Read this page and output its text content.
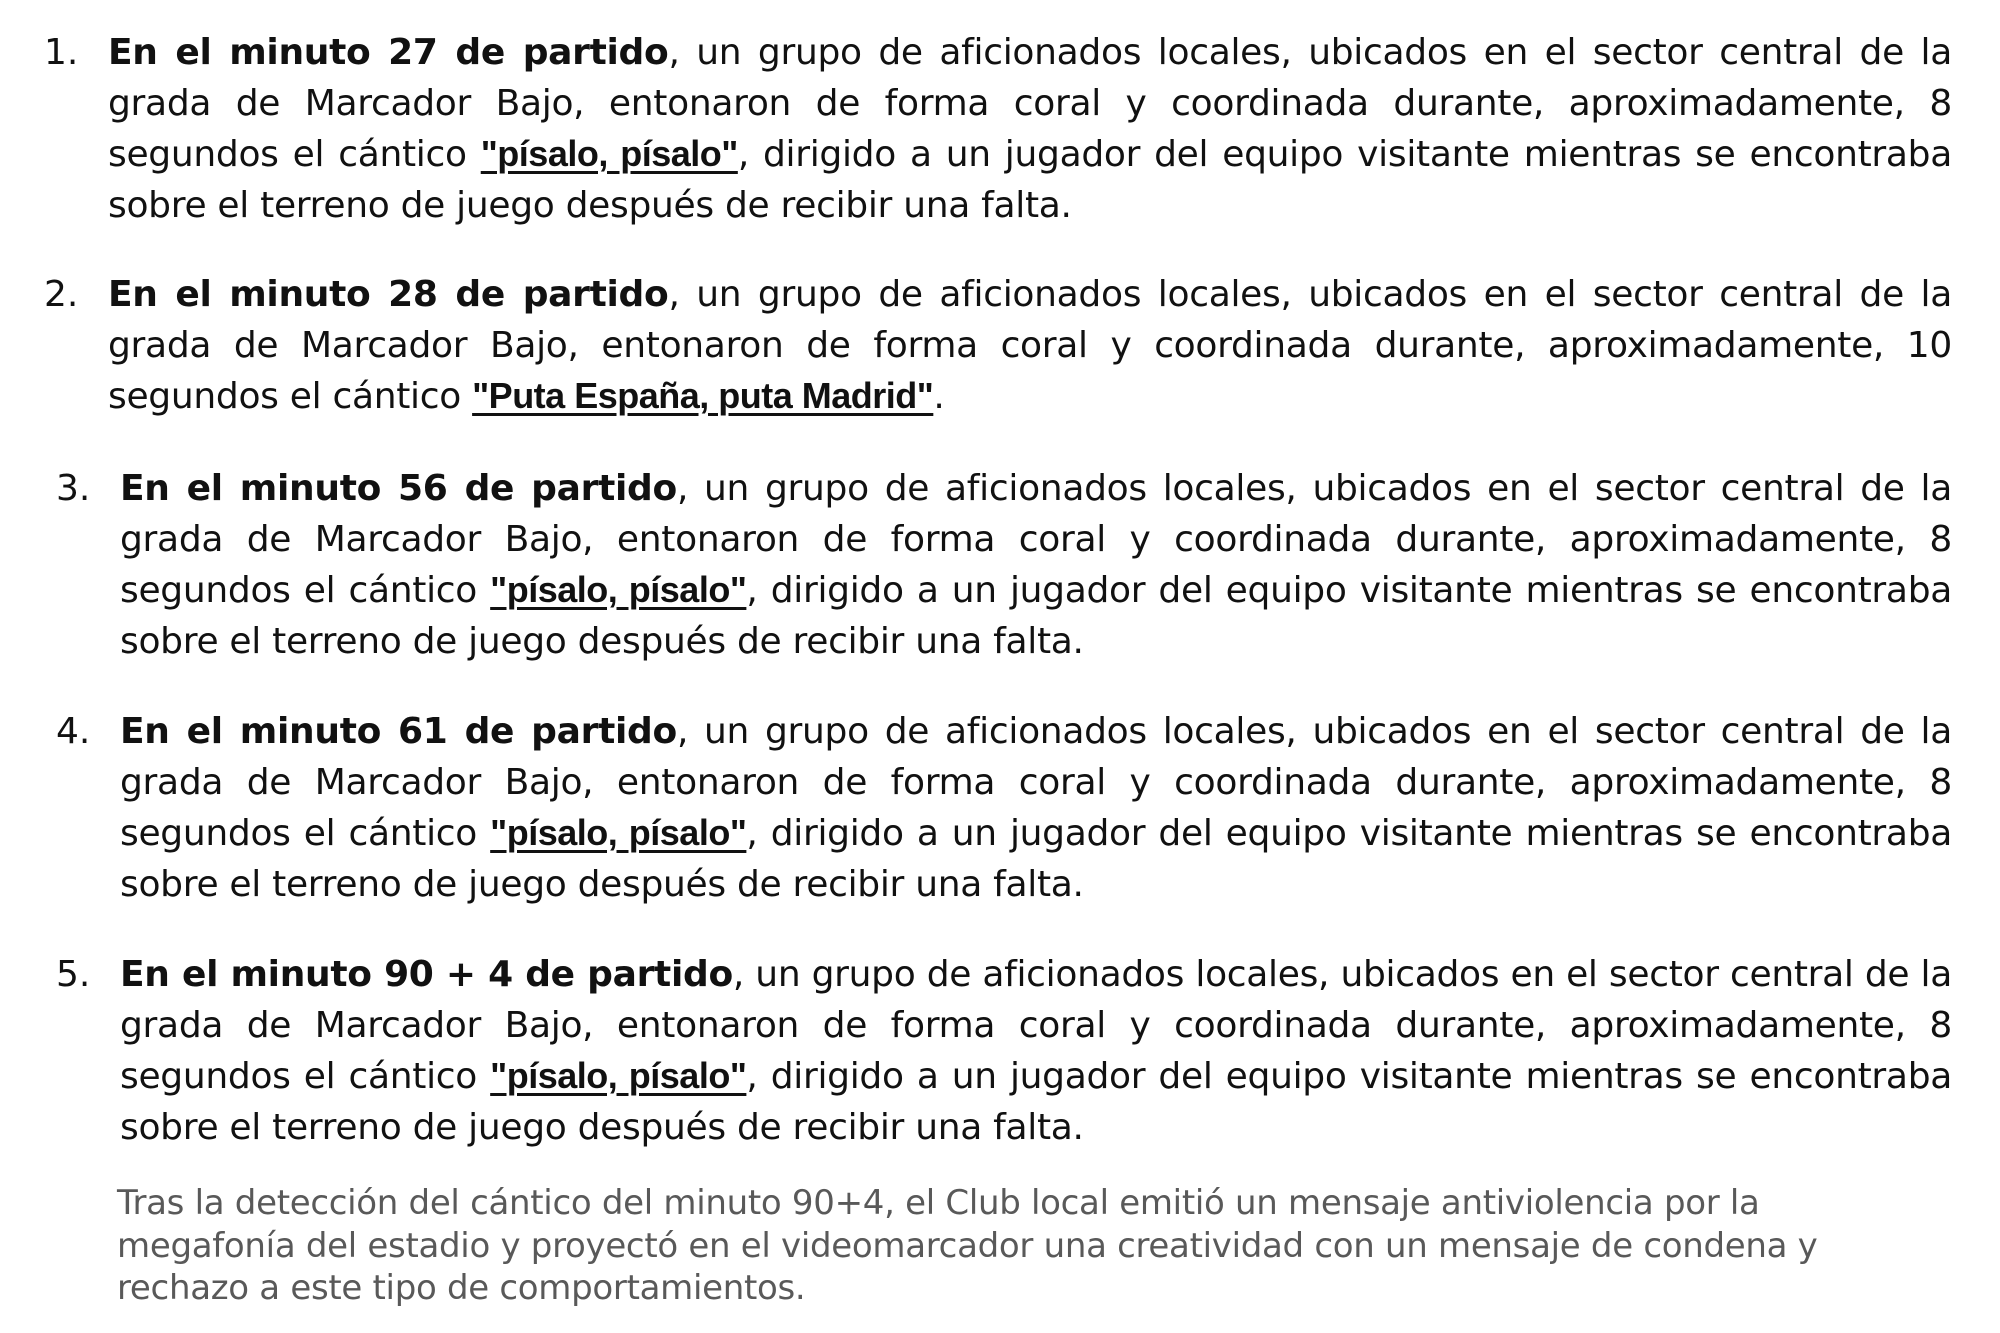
1. En el minuto 27 de partido, un grupo de aficionados locales, ubicados en el sector central de la grada de Marcador Bajo, entonaron de forma coral y coordinada durante, aproximadamente, 8 segundos el cántico "písalo, písalo", dirigido a un jugador del equipo visitante mientras se encontraba sobre el terreno de juego después de recibir una falta.

2. En el minuto 28 de partido, un grupo de aficionados locales, ubicados en el sector central de la grada de Marcador Bajo, entonaron de forma coral y coordinada durante, aproximadamente, 10 segundos el cántico "Puta España, puta Madrid".

3. En el minuto 56 de partido, un grupo de aficionados locales, ubicados en el sector central de la grada de Marcador Bajo, entonaron de forma coral y coordinada durante, aproximadamente, 8 segundos el cántico "písalo, písalo", dirigido a un jugador del equipo visitante mientras se encontraba sobre el terreno de juego después de recibir una falta.

4. En el minuto 61 de partido, un grupo de aficionados locales, ubicados en el sector central de la grada de Marcador Bajo, entonaron de forma coral y coordinada durante, aproximadamente, 8 segundos el cántico "písalo, písalo", dirigido a un jugador del equipo visitante mientras se encontraba sobre el terreno de juego después de recibir una falta.

5. En el minuto 90 + 4 de partido, un grupo de aficionados locales, ubicados en el sector central de la grada de Marcador Bajo, entonaron de forma coral y coordinada durante, aproximadamente, 8 segundos el cántico "písalo, písalo", dirigido a un jugador del equipo visitante mientras se encontraba sobre el terreno de juego después de recibir una falta.

Tras la detección del cántico del minuto 90+4, el Club local emitió un mensaje antiviolencia por la megafonía del estadio y proyectó en el videomarcador una creatividad con un mensaje de condena y rechazo a este tipo de comportamientos.
